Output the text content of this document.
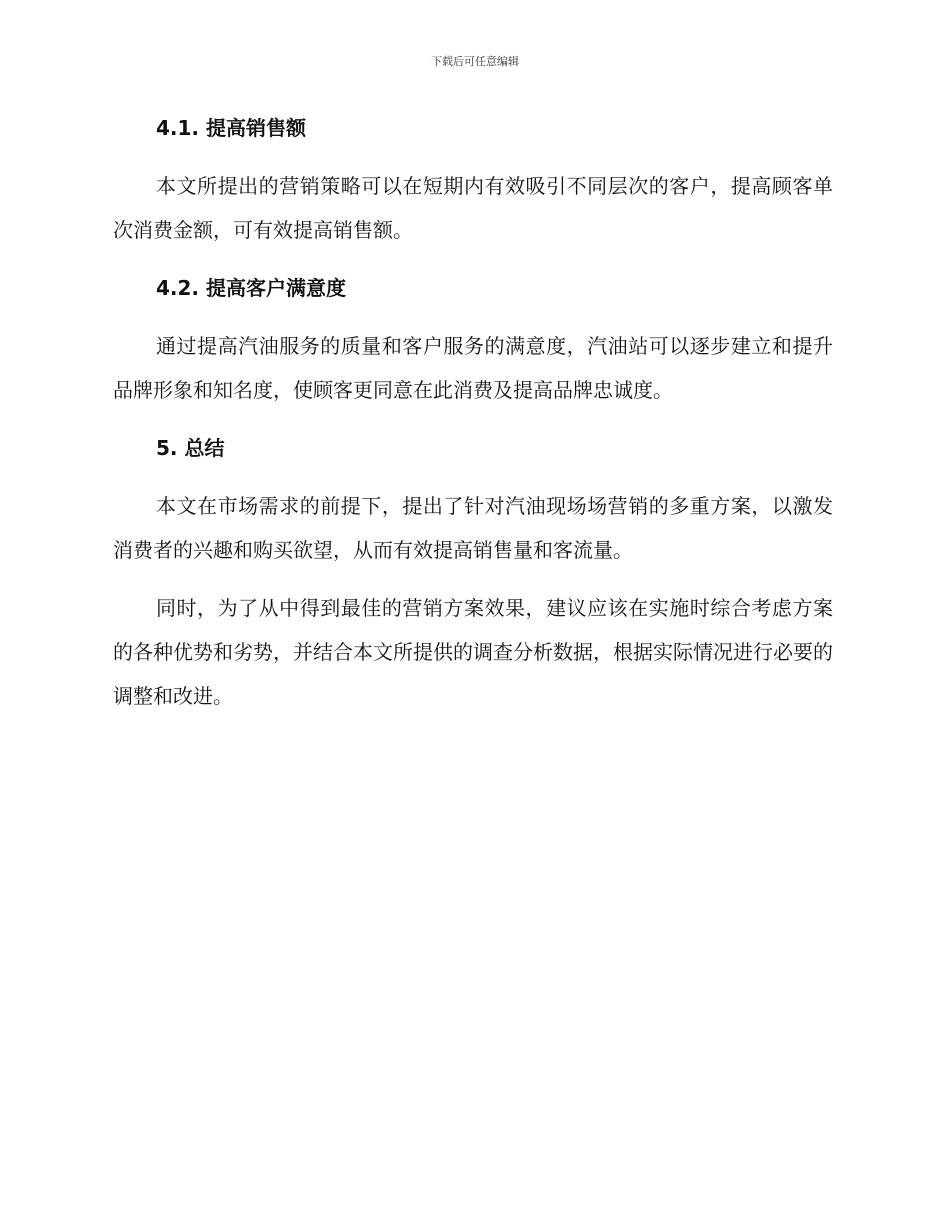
下载后可任意编辑
4.1. 提高销售额

本文所提出的营销策略可以在短期内有效吸引不同层次的客户，提高顾客单次消费金额，可有效提高销售额。

4.2. 提高客户满意度

通过提高汽油服务的质量和客户服务的满意度，汽油站可以逐步建立和提升品牌形象和知名度，使顾客更同意在此消费及提高品牌忠诚度。

5. 总结

本文在市场需求的前提下，提出了针对汽油现场场营销的多重方案，以激发消费者的兴趣和购买欲望，从而有效提高销售量和客流量。

同时，为了从中得到最佳的营销方案效果，建议应该在实施时综合考虑方案的各种优势和劣势，并结合本文所提供的调查分析数据，根据实际情况进行必要的调整和改进。
